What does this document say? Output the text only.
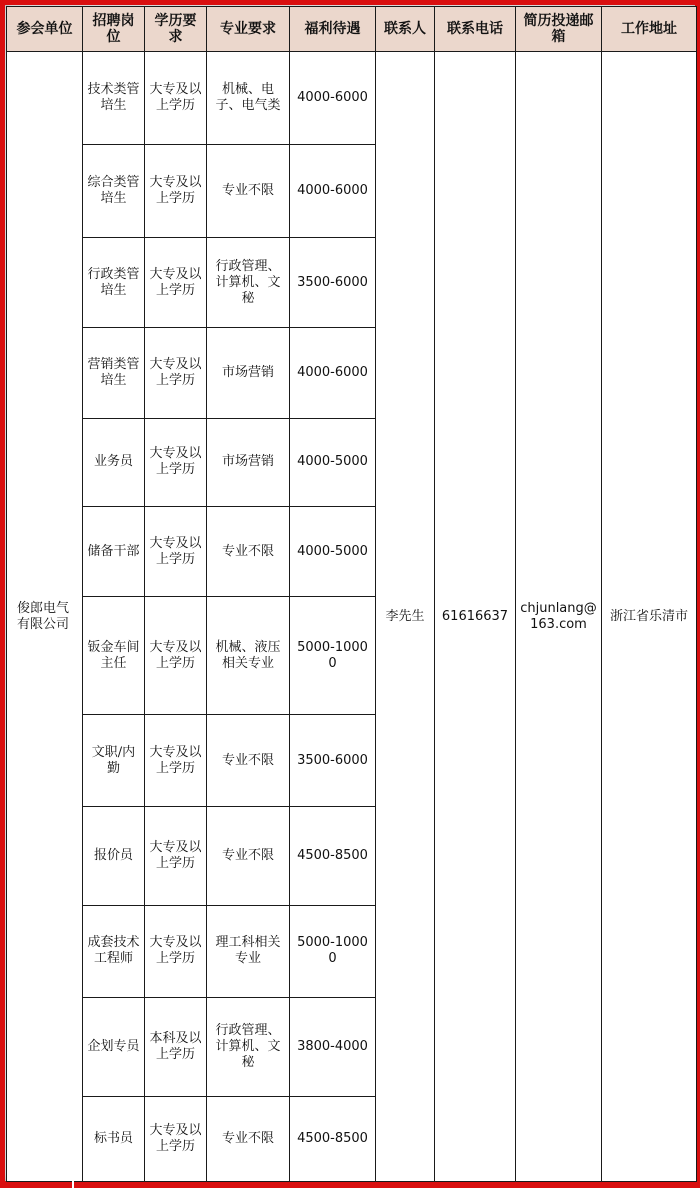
参会单位	招聘岗位	学历要求	专业要求	福利待遇	联系人	联系电话	简历投递邮箱	工作地址
俊郎电气有限公司	技术类管培生	大专及以上学历	机械、电子、电气类	4000-6000	李先生	61616637	chjunlang@163.com	浙江省乐清市
	综合类管培生	大专及以上学历	专业不限	4000-6000				
	行政类管培生	大专及以上学历	行政管理、计算机、文秘	3500-6000				
	营销类管培生	大专及以上学历	市场营销	4000-6000				
	业务员	大专及以上学历	市场营销	4000-5000				
	储备干部	大专及以上学历	专业不限	4000-5000				
	钣金车间主任	大专及以上学历	机械、液压相关专业	5000-10000				
	文职/内勤	大专及以上学历	专业不限	3500-6000				
	报价员	大专及以上学历	专业不限	4500-8500				
	成套技术工程师	大专及以上学历	理工科相关专业	5000-10000				
	企划专员	本科及以上学历	行政管理、计算机、文秘	3800-4000				
	标书员	大专及以上学历	专业不限	4500-8500				
